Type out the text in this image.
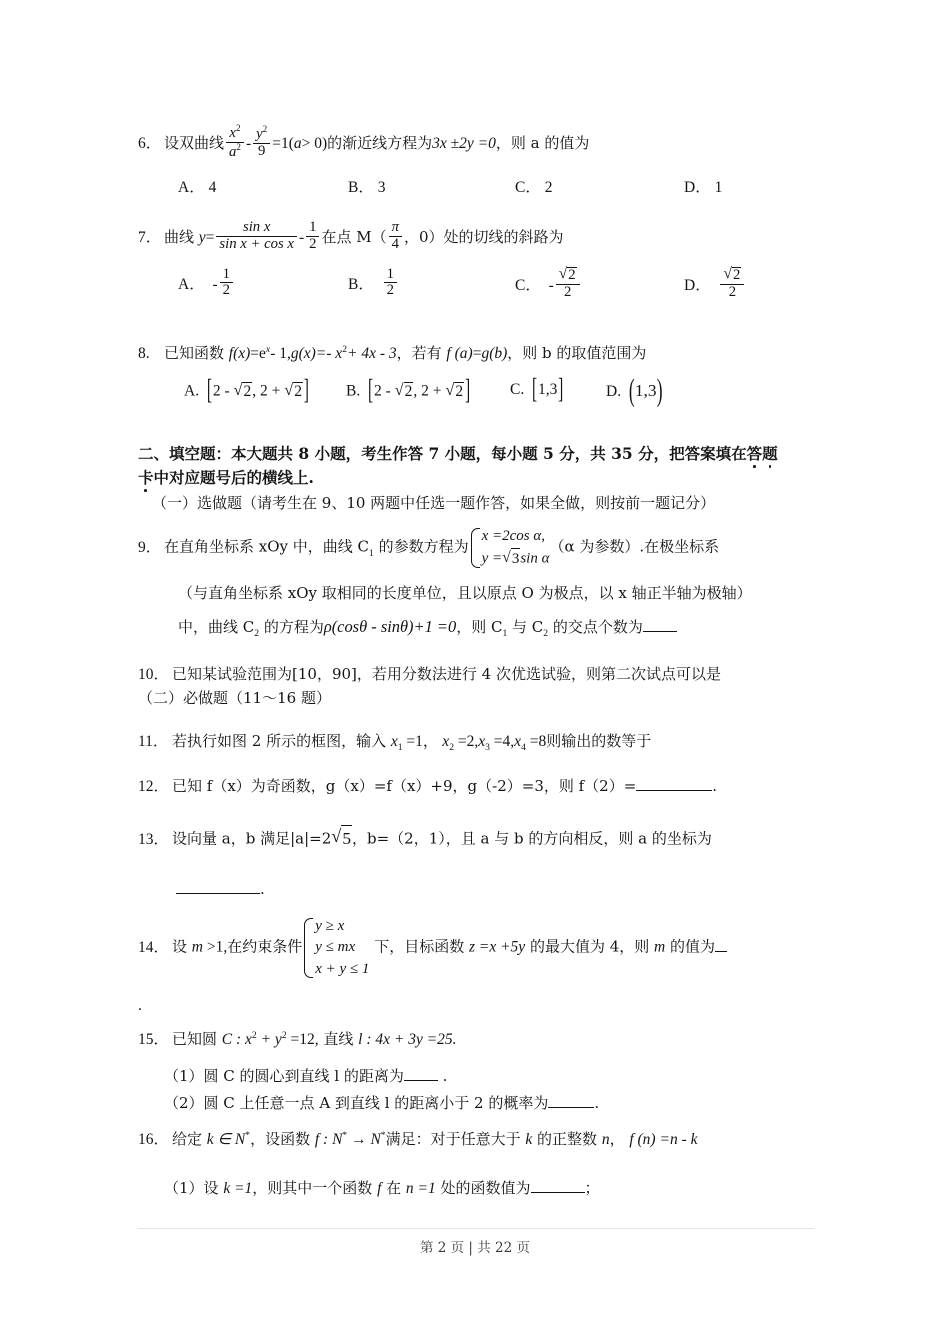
6． 设双曲线 $\frac{x^2}{a^2} - \frac{y^2}{9} =1(a> 0)$的渐近线方程为3x ±2y =0，则 a 的值为
A． 4	B． 3	C． 2	D． 1
7． 曲线 $y= \frac{\text{sin x}}{\text{sin x + cos x}} - \frac{1}{2}$ 在点 $M( \frac{\pi}{4}$ ，0）处的切线的斜路为
A． - $\frac{1}{2}$	B． $\frac{1}{2}$	C． - √ $\frac{2}{2}$	D． √ $\frac{2}{2}$
8. 已知函数 $f(x)=e^x-$ 1,g(x)=- $x^2+ 4x - 3$，若有 f (a)=g(b)，则 b 的取值范围为
A. [ 2 - √ 2, 2 + √ 2 ]	B. [ 2 - √ 2, 2 + √ 2 ]	C. [ 1,3 ]	D. ( 1,3 )
二、填空题：本大题共 8 小题，考生作答 7 小题，每小题 5 分，共 35 分，把答案填在答题
卡中对应题号后的横线上.
（一）选做题（请考生在 9、10 两题中任选一题作答，如果全做，则按前一题记分）
9． 在直角坐标系 xOy 中，曲线 $C_1$ 的参数方程为
x =2cos α,
y = √ 3sin α
（α 为参数）.在极坐标系
（与直角坐标系 xOy 取相同的长度单位，且以原点 O 为极点，以 x 轴正半轴为极轴）
中，曲线 $C_2$ 的方程为ρ(cosθ - sinθ)+1 =0，则 $C_1$ 与 $C_2$ 的交点个数为
10． 已知某试验范围为[10，90]，若用分数法进行 4 次优选试验，则第二次试点可以是
（二）必做题（11～16 题）
11． 若执行如图 2 所示的框图，输入 $x_1 =1$， $x_2 =2,x_3 =4,x_4 =8$则输出的数等于
12． 已知 f（x）为奇函数，g（x）=f（x）+9，g（-2）=3，则 f（2）=	.
13． 设向量 a，b 满足|a|=2 √ 5，b=（2，1），且 a 与 b 的方向相反，则 a 的坐标为
.
14． 设 m >1,在约束条件
y ≥ x
y ≤ mx
x + y ≤ 1
下，目标函数 z =x +5y 的最大值为 4，则 m 的值为
.
15． 已知圆 C : $x^2 + y^2 =12$, 直线 l : 4x + 3y =25.
（1）圆 C 的圆心到直线 l 的距离为 .
（2）圆 C 上任意一点 A 到直线 l 的距离小于 2 的概率为	.
16． 给定 k ∈ N*，设函数 f : N* → N*满足：对于任意大于 k 的正整数 n， f (n) =n - k
（1）设 k =1，则其中一个函数 f 在 n =1 处的函数值为	；
第 2 页 | 共 22 页
